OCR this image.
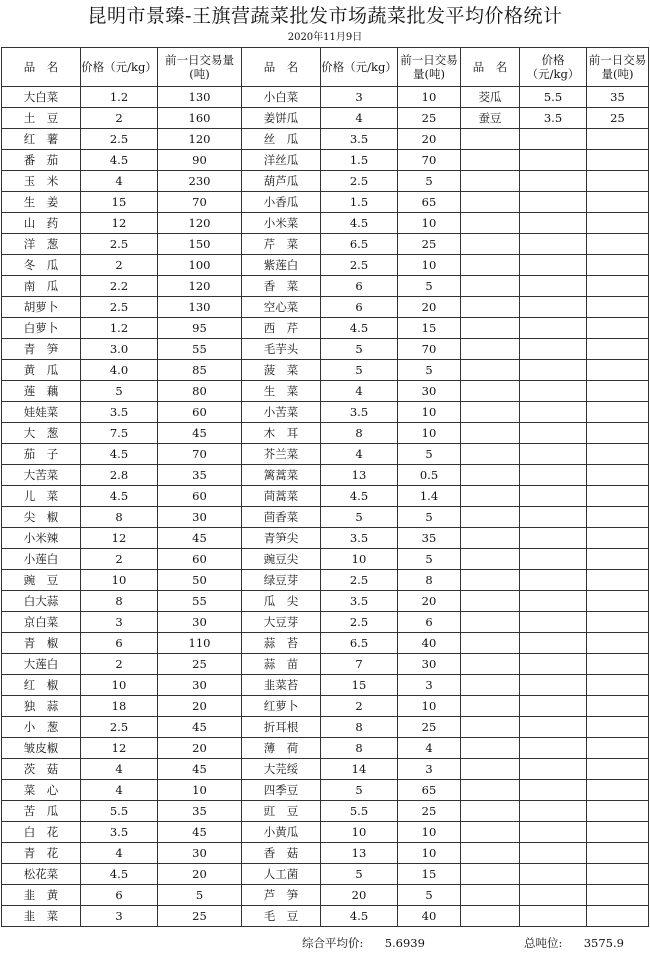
昆明市景臻-王旗营蔬菜批发市场蔬菜批发平均价格统计
2020年11月9日
品　名	价格（元/kg）	前一日交易量(吨)	品　名	价格（元/kg）	前一日交易量(吨)	品　名	价格（元/kg）	前一日交易量(吨)
大白菜	1.2	130	小白菜	3	10	茭瓜	5.5	35
土　豆	2	160	姜饼瓜	4	25	蚕豆	3.5	25
红　薯	2.5	120	丝　瓜	3.5	20			
番　茄	4.5	90	洋丝瓜	1.5	70			
玉　米	4	230	葫芦瓜	2.5	5			
生　姜	15	70	小香瓜	1.5	65			
山　药	12	120	小米菜	4.5	10			
洋　葱	2.5	150	芹　菜	6.5	25			
冬　瓜	2	100	紫莲白	2.5	10			
南　瓜	2.2	120	香　菜	6	5			
胡萝卜	2.5	130	空心菜	6	20			
白萝卜	1.2	95	西　芹	4.5	15			
青　笋	3.0	55	毛芋头	5	70			
黄　瓜	4.0	85	菠　菜	5	5			
莲　藕	5	80	生　菜	4	30			
娃娃菜	3.5	60	小苦菜	3.5	10			
大　葱	7.5	45	木　耳	8	10			
茄　子	4.5	70	芥兰菜	4	5			
大苦菜	2.8	35	篱蒿菜	13	0.5			
儿　菜	4.5	60	茼蒿菜	4.5	1.4			
尖　椒	8	30	茴香菜	5	5			
小米辣	12	45	青笋尖	3.5	35			
小莲白	2	60	豌豆尖	10	5			
豌　豆	10	50	绿豆芽	2.5	8			
白大蒜	8	55	瓜　尖	3.5	20			
京白菜	3	30	大豆芽	2.5	6			
青　椒	6	110	蒜　苔	6.5	40			
大莲白	2	25	蒜　苗	7	30			
红　椒	10	30	韭菜苔	15	3			
独　蒜	18	20	红萝卜	2	10			
小　葱	2.5	45	折耳根	8	25			
皱皮椒	12	20	薄　荷	8	4			
茨　菇	4	45	大芫绥	14	3			
菜　心	4	10	四季豆	5	65			
苦　瓜	5.5	35	豇　豆	5.5	25			
白　花	3.5	45	小黄瓜	10	10			
青　花	4	30	香　菇	13	10			
松花菜	4.5	20	人工菌	5	15			
韭　黄	6	5	芦　笋	20	5			
韭　菜	3	25	毛　豆	4.5	40			
综合平均价: 5.6939	总吨位: 3575.9
